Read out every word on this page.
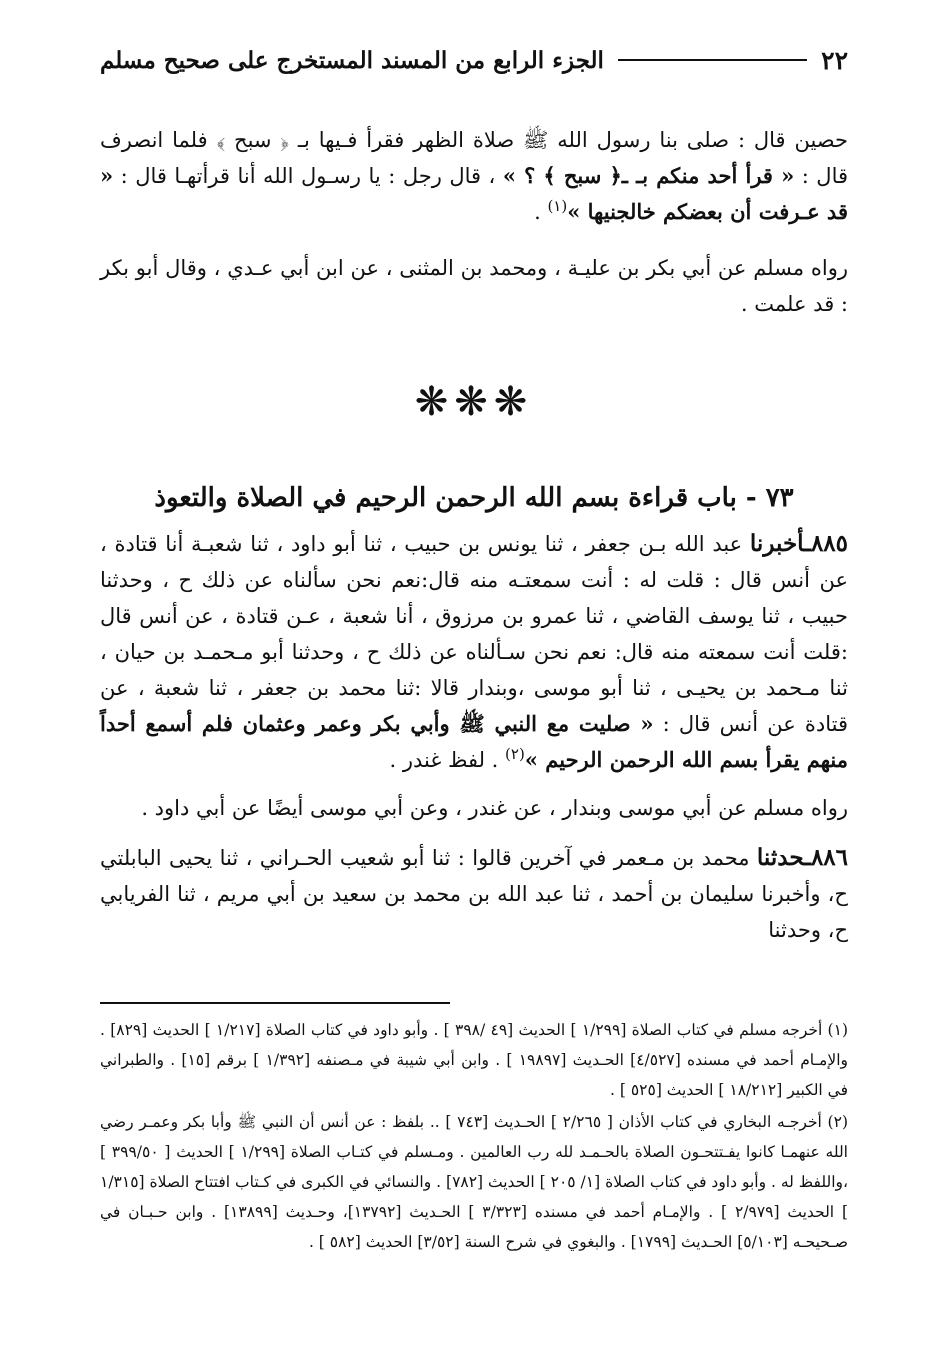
٢٢
الجزء الرابع من المسند المستخرج على صحيح مسلم

حصين قال : صلى بنا رسول الله ﷺ صلاة الظهر فقرأ فـيها بـ ﴿ سبح ﴾ فلما انصرف قال : « قرأ أحد منكم بـ ـ﴿ سبح ﴾ ؟ » ، قال رجل : يا رسـول الله أنا قرأتهـا قال : « قد عـرفت أن بعضكم خالجنيها »$^{(١)}$ .

رواه مسلم عن أبي بكر بن عليـة ، ومحمد بن المثنى ، عن ابن أبي عـدي ، وقال أبو بكر : قد علمت .

❋❋❋
٧٣ - باب قراءة بسم الله الرحمن الرحيم في الصلاة والتعوذ

٨٨٥ـأخبرنا عبد الله بـن جعفر ، ثنا يونس بن حبيب ، ثنا أبو داود ، ثنا شعبـة أنا قتادة ، عن أنس قال : قلت له : أنت سمعتـه منه قال:نعم نحن سألناه عن ذلك ح ، وحدثنا حبيب ، ثنا يوسف القاضي ، ثنا عمرو بن مرزوق ، أنا شعبة ، عـن قتادة ، عن أنس قال :قلت أنت سمعته منه قال: نعم نحن سـألناه عن ذلك ح ، وحدثنا أبو مـحمـد بن حيان ، ثنا مـحمد بن يحيـى ، ثنا أبو موسى ،وبندار قالا :ثنا محمد بن جعفر ، ثنا شعبة ، عن قتادة عن أنس قال : « صليت مع النبي ﷺ وأبي بكر وعمر وعثمان فلم أسمع أحداً منهم يقرأ بسم الله الرحمن الرحيم »$^{(٢)}$ . لفظ غندر .

رواه مسلم عن أبي موسى وبندار ، عن غندر ، وعن أبي موسى أيضًا عن أبي داود .

٨٨٦ـحدثنا محمد بن مـعمر في آخرين قالوا : ثنا أبو شعيب الحـراني ، ثنا يحيى البابلتي ح، وأخبرنا سليمان بن أحمد ، ثنا عبد الله بن محمد بن سعيد بن أبي مريم ، ثنا الفريابي ح، وحدثنا

(١) أخرجه مسلم في كتاب الصلاة [١/٢٩٩ ] الحديث [٤٩ /٣٩٨ ] . وأبو داود في كتاب الصلاة [١/٢١٧ ] الحديث [٨٢٩] . والإمـام أحمد في مسنده [٤/٥٢٧] الحـديث [١٩٨٩٧ ] . وابن أبي شيبة في مـصنفه [١/٣٩٢ ] برقم [١٥] . والطبراني في الكبير [١٨/٢١٢ ] الحديث [٥٢٥ ] .

(٢) أخرجـه البخاري في كتاب الأذان [ ٢/٢٦٥ ] الحـديث [٧٤٣ ] .. بلفظ : عن أنس أن النبي ﷺ وأبا بكر وعمـر رضي الله عنهمـا كانوا يفـتتحـون الصلاة بالحـمـد لله رب العالمين . ومـسلم في كتـاب الصلاة [١/٢٩٩ ] الحديث [ ٣٩٩/٥٠ ] ،واللفظ له . وأبو داود في كتاب الصلاة [١/ ٢٠٥ ] الحديث [٧٨٢] . والنسائي في الكبرى في كـتاب افتتاح الصلاة [١/٣١٥ ] الحديث [٢/٩٧٩ ] . والإمـام أحمد في مسنده [٣/٣٢٣ ] الحـديث [١٣٧٩٢]، وحـديث [١٣٨٩٩] . وابن حـبـان في صـحيحـه [٥/١٠٣] الحـديث [١٧٩٩] . والبغوي في شرح السنة [٣/٥٢] الحديث [٥٨٢ ] .
